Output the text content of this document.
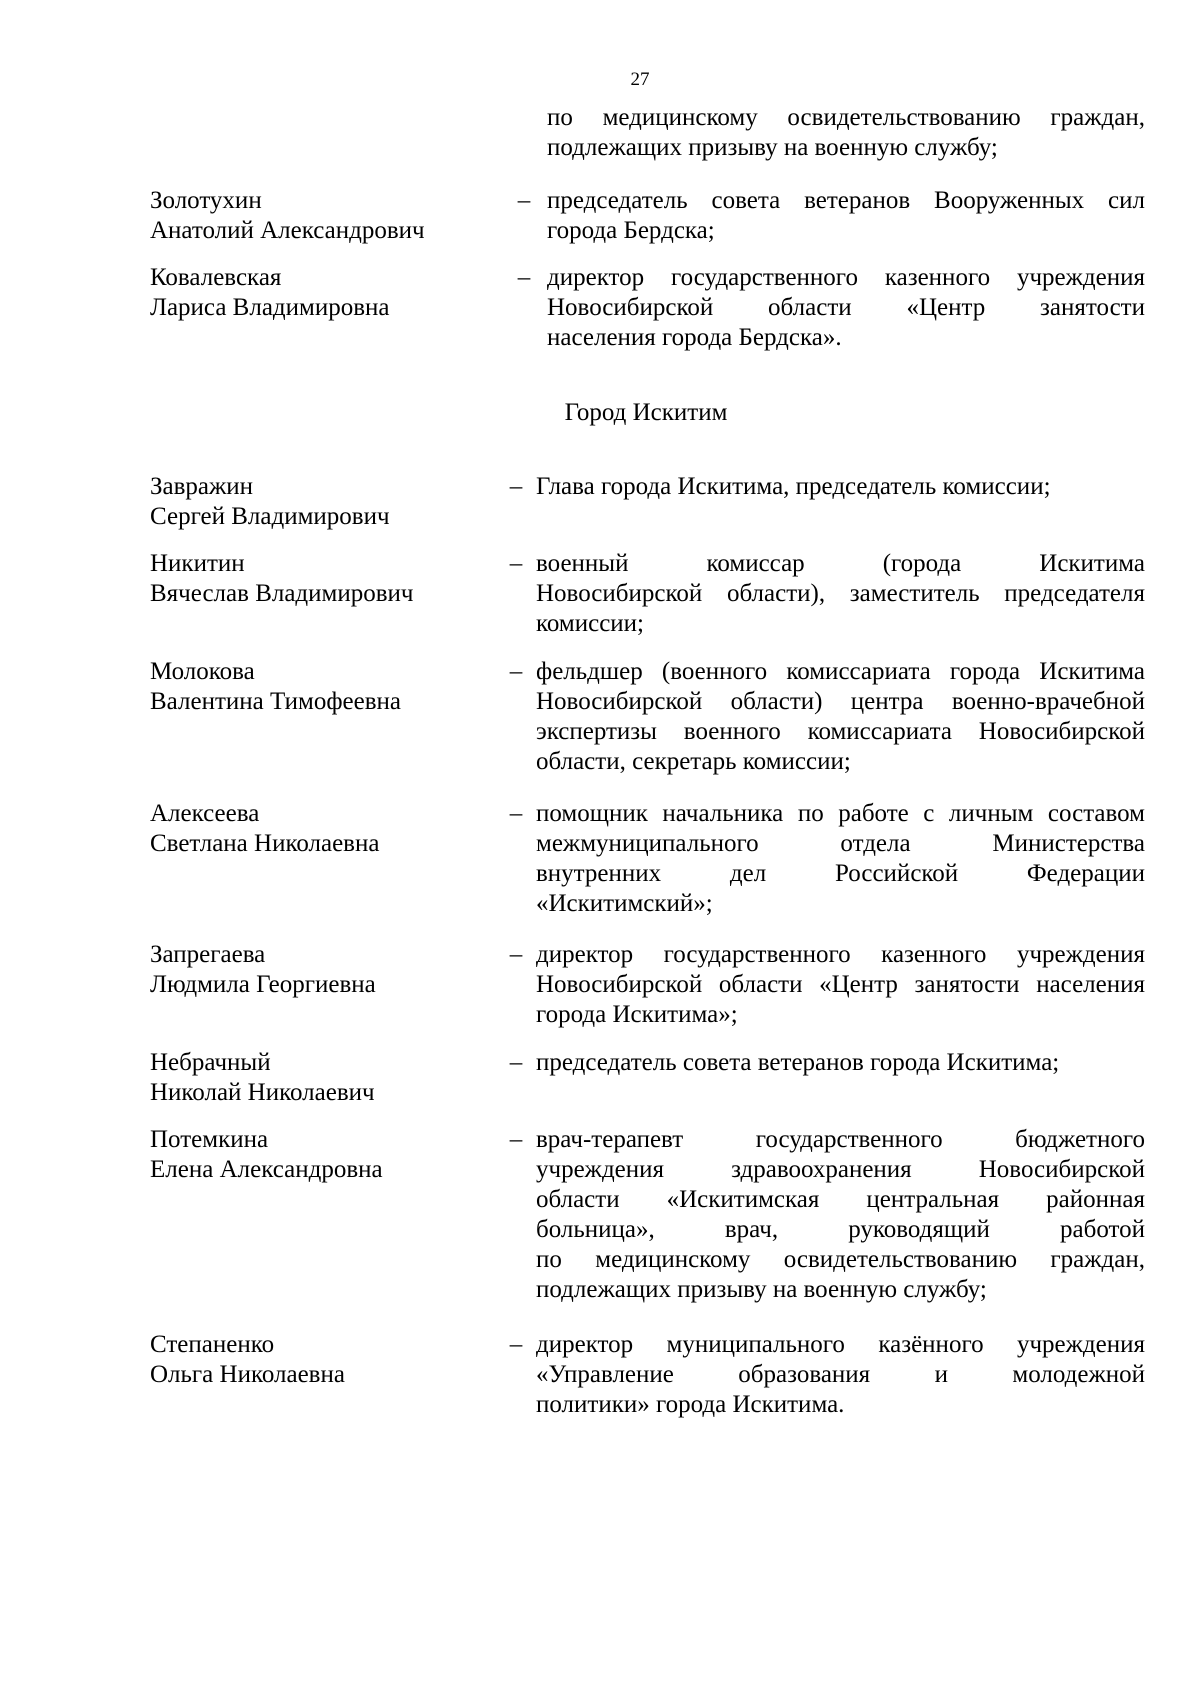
27
по медицинскому освидетельствованию граждан,
подлежащих призыву на военную службу;
Золотухин
Анатолий Александрович
– председатель совета ветеранов Вооруженных сил
города Бердска;
Ковалевская
Лариса Владимировна
– директор государственного казенного учреждения
Новосибирской области «Центр занятости
населения города Бердска».
Город Искитим
Завражин
Сергей Владимирович
– Глава города Искитима, председатель комиссии;
Никитин
Вячеслав Владимирович
– военный комиссар (города Искитима
Новосибирской области), заместитель председателя
комиссии;
Молокова
Валентина Тимофеевна
– фельдшер (военного комиссариата города Искитима
Новосибирской области) центра военно-врачебной
экспертизы военного комиссариата Новосибирской
области, секретарь комиссии;
Алексеева
Светлана Николаевна
– помощник начальника по работе с личным составом
межмуниципального отдела Министерства
внутренних дел Российской Федерации
«Искитимский»;
Запрегаева
Людмила Георгиевна
– директор государственного казенного учреждения
Новосибирской области «Центр занятости населения
города Искитима»;
Небрачный
Николай Николаевич
– председатель совета ветеранов города Искитима;
Потемкина
Елена Александровна
– врач-терапевт государственного бюджетного
учреждения здравоохранения Новосибирской
области «Искитимская центральная районная
больница», врач, руководящий работой
по медицинскому освидетельствованию граждан,
подлежащих призыву на военную службу;
Степаненко
Ольга Николаевна
– директор муниципального казённого учреждения
«Управление образования и молодежной
политики» города Искитима.
